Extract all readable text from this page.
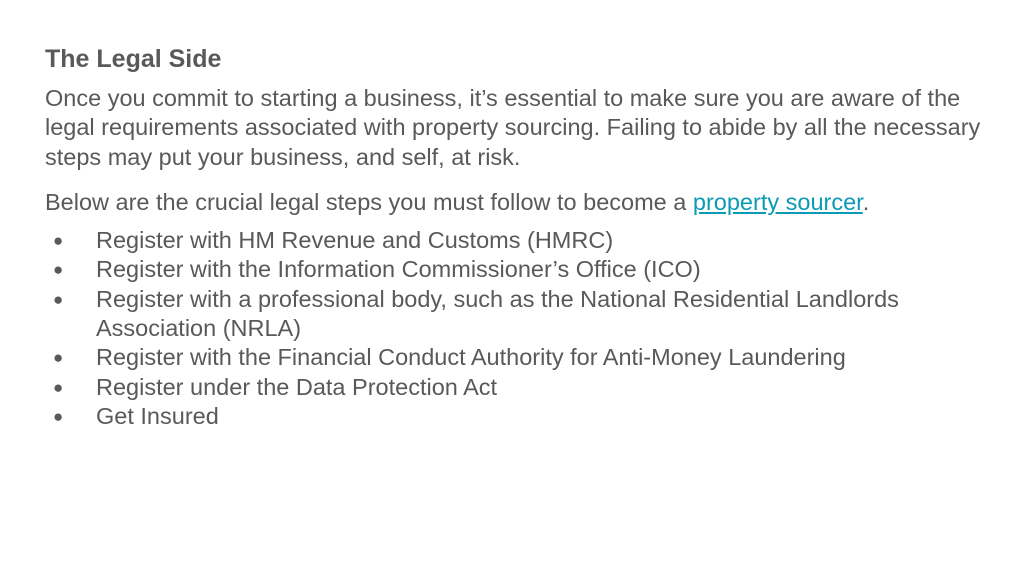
The Legal Side

Once you commit to starting a business, it’s essential to make sure you are aware of the legal requirements associated with property sourcing. Failing to abide by all the necessary steps may put your business, and self, at risk.

Below are the crucial legal steps you must follow to become a property sourcer.

● Register with HM Revenue and Customs (HMRC)
● Register with the Information Commissioner’s Office (ICO)
● Register with a professional body, such as the National Residential Landlords Association (NRLA)
● Register with the Financial Conduct Authority for Anti-Money Laundering
● Register under the Data Protection Act
● Get Insured
